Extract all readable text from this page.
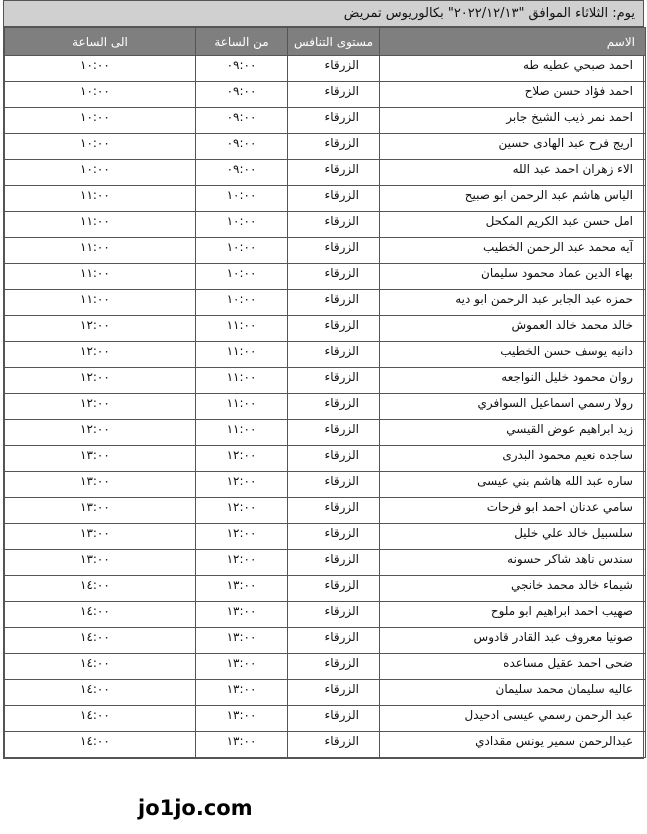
يوم: الثلاثاء الموافق "٢٠٢٢/١٢/١٣" بكالوريوس تمريض
الاسم	مستوى التنافس	من الساعة	الى الساعة
احمد صبحي عطيه طه	الزرقاء	٠٩:٠٠	١٠:٠٠
احمد فؤاد حسن صلاح	الزرقاء	٠٩:٠٠	١٠:٠٠
احمد نمر ذيب الشيخ جابر	الزرقاء	٠٩:٠٠	١٠:٠٠
اريج فرح عبد الهادى حسين	الزرقاء	٠٩:٠٠	١٠:٠٠
الاء زهران احمد عبد الله	الزرقاء	٠٩:٠٠	١٠:٠٠
الياس هاشم عبد الرحمن ابو صبيح	الزرقاء	١٠:٠٠	١١:٠٠
امل حسن عبد الكريم المكحل	الزرقاء	١٠:٠٠	١١:٠٠
آيه محمد عبد الرحمن الخطيب	الزرقاء	١٠:٠٠	١١:٠٠
بهاء الدين عماد محمود سليمان	الزرقاء	١٠:٠٠	١١:٠٠
حمزه عبد الجابر عبد الرحمن ابو ديه	الزرقاء	١٠:٠٠	١١:٠٠
خالد محمد خالد العموش	الزرقاء	١١:٠٠	١٢:٠٠
دانيه يوسف حسن الخطيب	الزرقاء	١١:٠٠	١٢:٠٠
روان محمود خليل النواجعه	الزرقاء	١١:٠٠	١٢:٠٠
رولا رسمي اسماعيل السوافري	الزرقاء	١١:٠٠	١٢:٠٠
زيد ابراهيم عوض القيسي	الزرقاء	١١:٠٠	١٢:٠٠
ساجده نعيم محمود البدرى	الزرقاء	١٢:٠٠	١٣:٠٠
ساره عبد الله هاشم بني عيسى	الزرقاء	١٢:٠٠	١٣:٠٠
سامي عدنان احمد ابو فرحات	الزرقاء	١٢:٠٠	١٣:٠٠
سلسبيل خالد علي خليل	الزرقاء	١٢:٠٠	١٣:٠٠
سندس ناهد شاكر حسونه	الزرقاء	١٢:٠٠	١٣:٠٠
شيماء خالد محمد خانجي	الزرقاء	١٣:٠٠	١٤:٠٠
صهيب احمد ابراهيم ابو ملوح	الزرقاء	١٣:٠٠	١٤:٠٠
صونيا معروف عبد القادر قادوس	الزرقاء	١٣:٠٠	١٤:٠٠
ضحى احمد عقيل مساعده	الزرقاء	١٣:٠٠	١٤:٠٠
عاليه سليمان محمد سليمان	الزرقاء	١٣:٠٠	١٤:٠٠
عبد الرحمن رسمي عيسى ادحيدل	الزرقاء	١٣:٠٠	١٤:٠٠
عبدالرحمن سمير يونس مقدادي	الزرقاء	١٣:٠٠	١٤:٠٠
jo1jo.com
